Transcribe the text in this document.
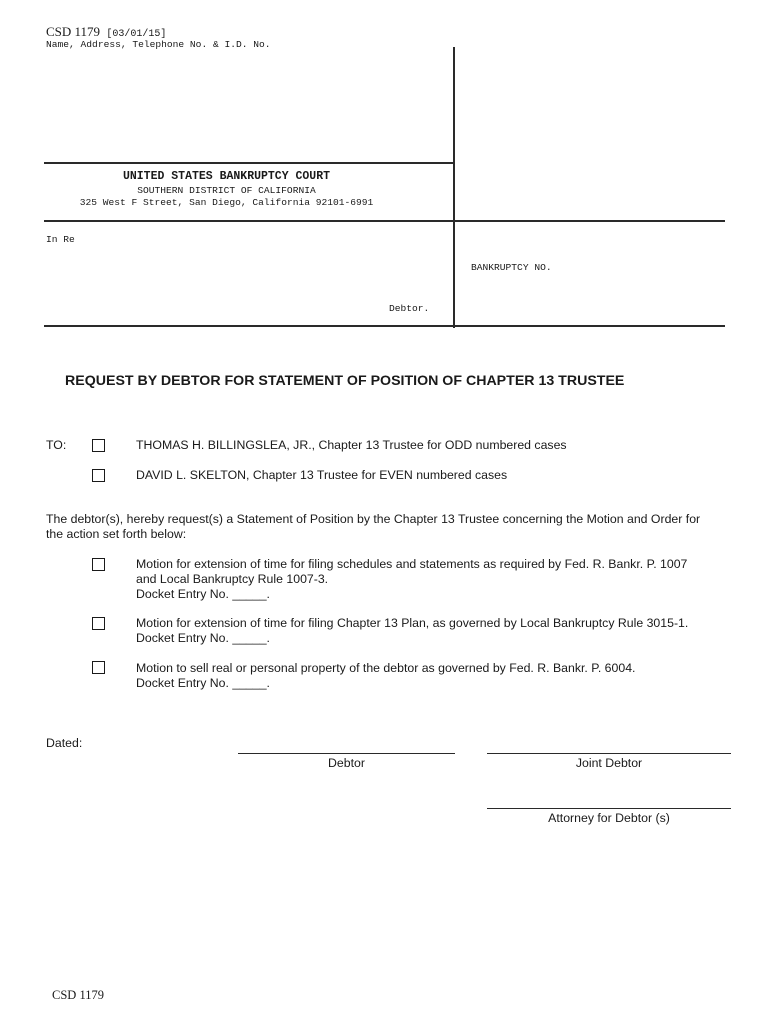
CSD 1179 [03/01/15]
Name, Address, Telephone No. & I.D. No.
UNITED STATES BANKRUPTCY COURT
SOUTHERN DISTRICT OF CALIFORNIA
325 West F Street, San Diego, California 92101-6991
In Re
BANKRUPTCY NO.
Debtor.
REQUEST BY DEBTOR FOR STATEMENT OF POSITION OF CHAPTER 13 TRUSTEE
TO:	THOMAS H. BILLINGSLEA, JR., Chapter 13 Trustee for ODD numbered cases
DAVID L. SKELTON, Chapter 13 Trustee for EVEN numbered cases
The debtor(s), hereby request(s) a Statement of Position by the Chapter 13 Trustee concerning the Motion and Order for
the action set forth below:
Motion for extension of time for filing schedules and statements as required by Fed. R. Bankr. P. 1007
and Local Bankruptcy Rule 1007-3.
Docket Entry No. _____.
Motion for extension of time for filing Chapter 13 Plan, as governed by Local Bankruptcy Rule 3015-1.
Docket Entry No. _____.
Motion to sell real or personal property of the debtor as governed by Fed. R. Bankr. P. 6004.
Docket Entry No. _____.
Dated:
Debtor	Joint Debtor
Attorney for Debtor (s)
CSD 1179
